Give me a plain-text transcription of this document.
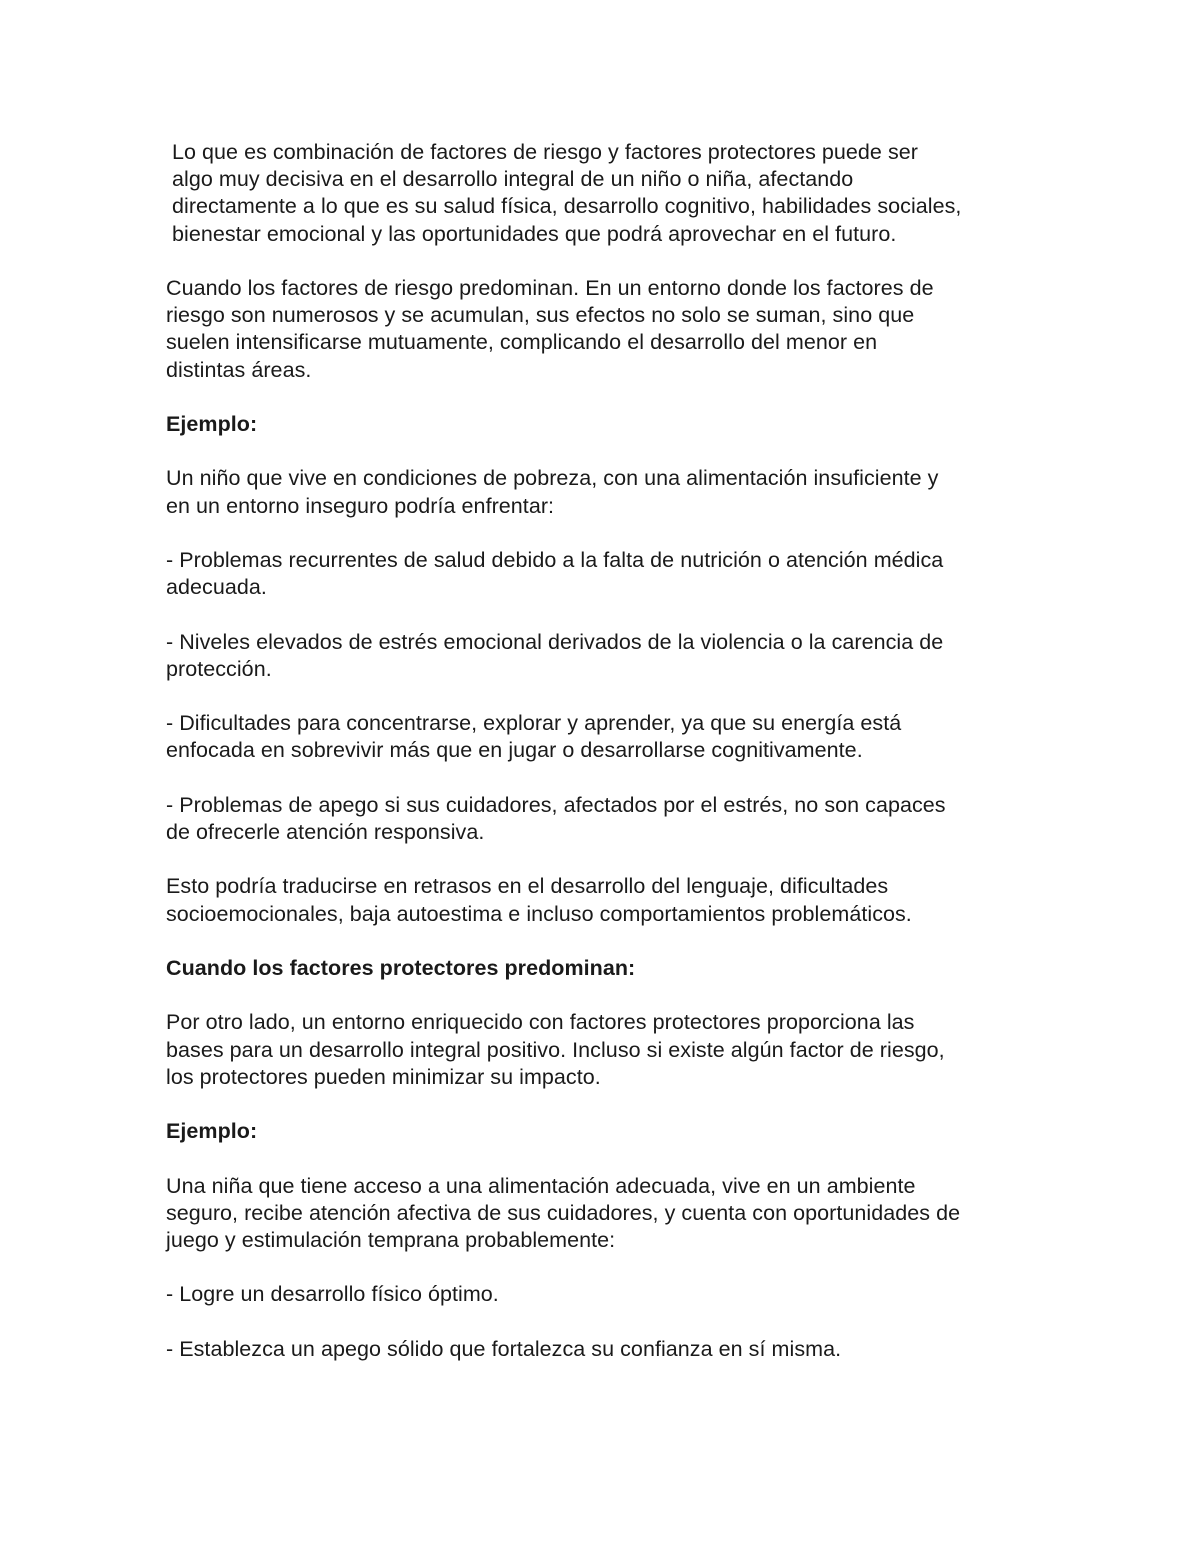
Lo que es combinación de factores de riesgo y factores protectores puede ser
algo muy decisiva en el desarrollo integral de un niño o niña, afectando
directamente a lo que es su salud física, desarrollo cognitivo, habilidades sociales,
bienestar emocional y las oportunidades que podrá aprovechar en el futuro.

Cuando los factores de riesgo predominan. En un entorno donde los factores de
riesgo son numerosos y se acumulan, sus efectos no solo se suman, sino que
suelen intensificarse mutuamente, complicando el desarrollo del menor en
distintas áreas.

Ejemplo:

Un niño que vive en condiciones de pobreza, con una alimentación insuficiente y
en un entorno inseguro podría enfrentar:

- Problemas recurrentes de salud debido a la falta de nutrición o atención médica
adecuada.

- Niveles elevados de estrés emocional derivados de la violencia o la carencia de
protección.

- Dificultades para concentrarse, explorar y aprender, ya que su energía está
enfocada en sobrevivir más que en jugar o desarrollarse cognitivamente.

- Problemas de apego si sus cuidadores, afectados por el estrés, no son capaces
de ofrecerle atención responsiva.

Esto podría traducirse en retrasos en el desarrollo del lenguaje, dificultades
socioemocionales, baja autoestima e incluso comportamientos problemáticos.

Cuando los factores protectores predominan:

Por otro lado, un entorno enriquecido con factores protectores proporciona las
bases para un desarrollo integral positivo. Incluso si existe algún factor de riesgo,
los protectores pueden minimizar su impacto.

Ejemplo:

Una niña que tiene acceso a una alimentación adecuada, vive en un ambiente
seguro, recibe atención afectiva de sus cuidadores, y cuenta con oportunidades de
juego y estimulación temprana probablemente:

- Logre un desarrollo físico óptimo.

- Establezca un apego sólido que fortalezca su confianza en sí misma.
